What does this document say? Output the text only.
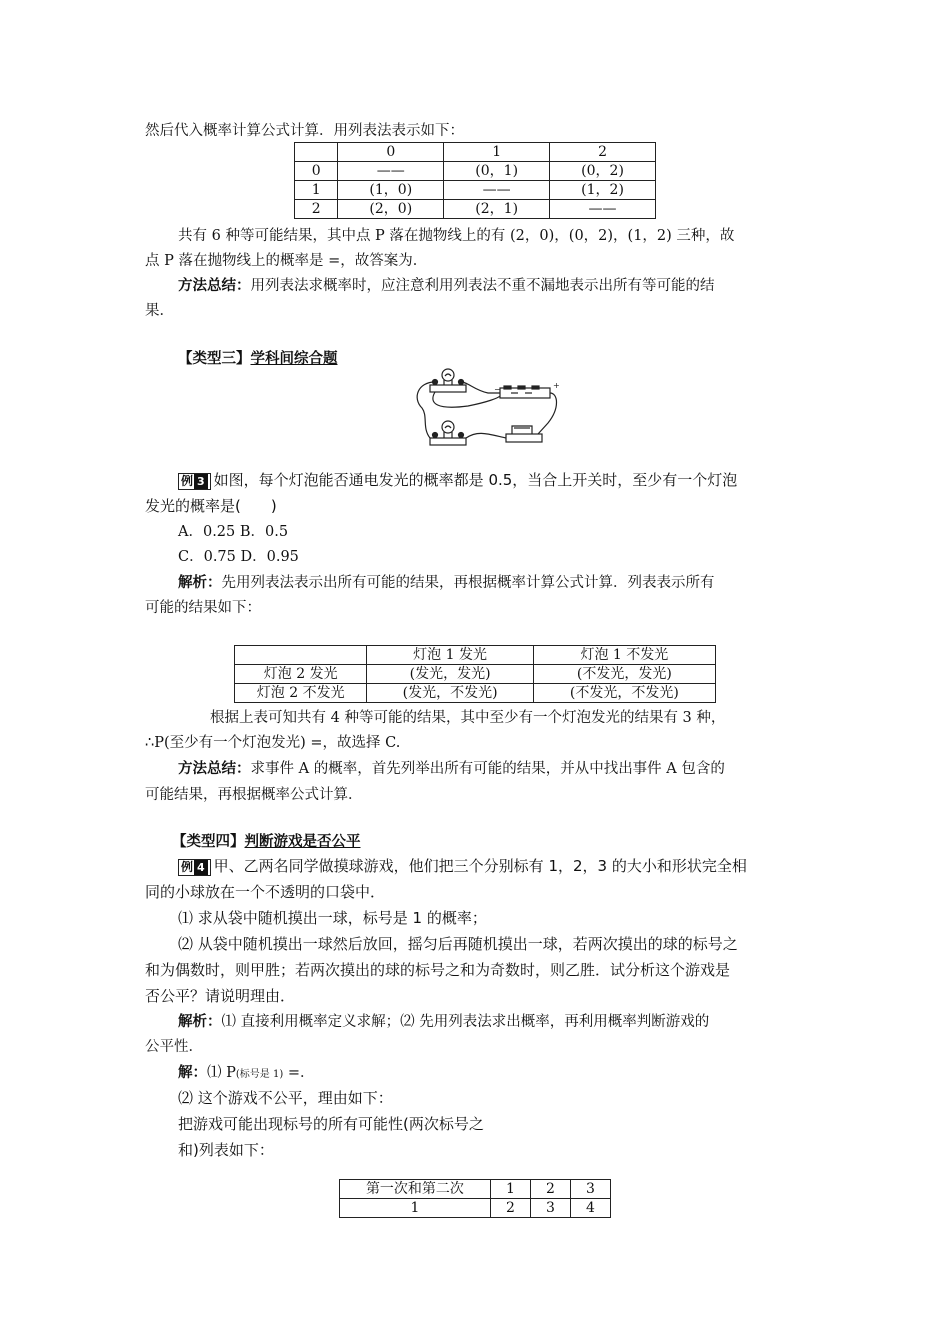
然后代入概率计算公式计算．用列表法表示如下：
	0	1	2
0	——	(0，1)	(0，2)
1	(1，0)	——	(1，2)
2	(2，0)	(2，1)	——
共有 6 种等可能结果，其中点 P 落在抛物线上的有 (2，0)，(0，2)，(1，2) 三种，故
点 P 落在抛物线上的概率是 =，故答案为．
方法总结：用列表法求概率时，应注意利用列表法不重不漏地表示出所有等可能的结
果．
【类型三】学科间综合题
−	+
例 3 如图，每个灯泡能否通电发光的概率都是 0.5，当合上开关时，至少有一个灯泡
发光的概率是(　　)
A．0.25 B．0.5
C．0.75 D．0.95
解析：先用列表法表示出所有可能的结果，再根据概率计算公式计算．列表表示所有
可能的结果如下：
	灯泡 1 发光	灯泡 1 不发光
灯泡 2 发光	(发光，发光)	(不发光，发光)
灯泡 2 不发光	(发光，不发光)	(不发光，不发光)
根据上表可知共有 4 种等可能的结果，其中至少有一个灯泡发光的结果有 3 种，
∴P(至少有一个灯泡发光) =，故选择 C.
方法总结：求事件 A 的概率，首先列举出所有可能的结果，并从中找出事件 A 包含的
可能结果，再根据概率公式计算．
【类型四】判断游戏是否公平
例 4 甲、乙两名同学做摸球游戏，他们把三个分别标有 1，2，3 的大小和形状完全相
同的小球放在一个不透明的口袋中．
⑴ 求从袋中随机摸出一球，标号是 1 的概率；
⑵ 从袋中随机摸出一球然后放回，摇匀后再随机摸出一球，若两次摸出的球的标号之
和为偶数时，则甲胜；若两次摸出的球的标号之和为奇数时，则乙胜．试分析这个游戏是
否公平？请说明理由．
解析：⑴ 直接利用概率定义求解；⑵ 先用列表法求出概率，再利用概率判断游戏的
公平性．
解：⑴ P(标号是 1) =．
⑵ 这个游戏不公平，理由如下：
把游戏可能出现标号的所有可能性(两次标号之
和)列表如下：
第一次和第二次	1	2	3
1	2	3	4
